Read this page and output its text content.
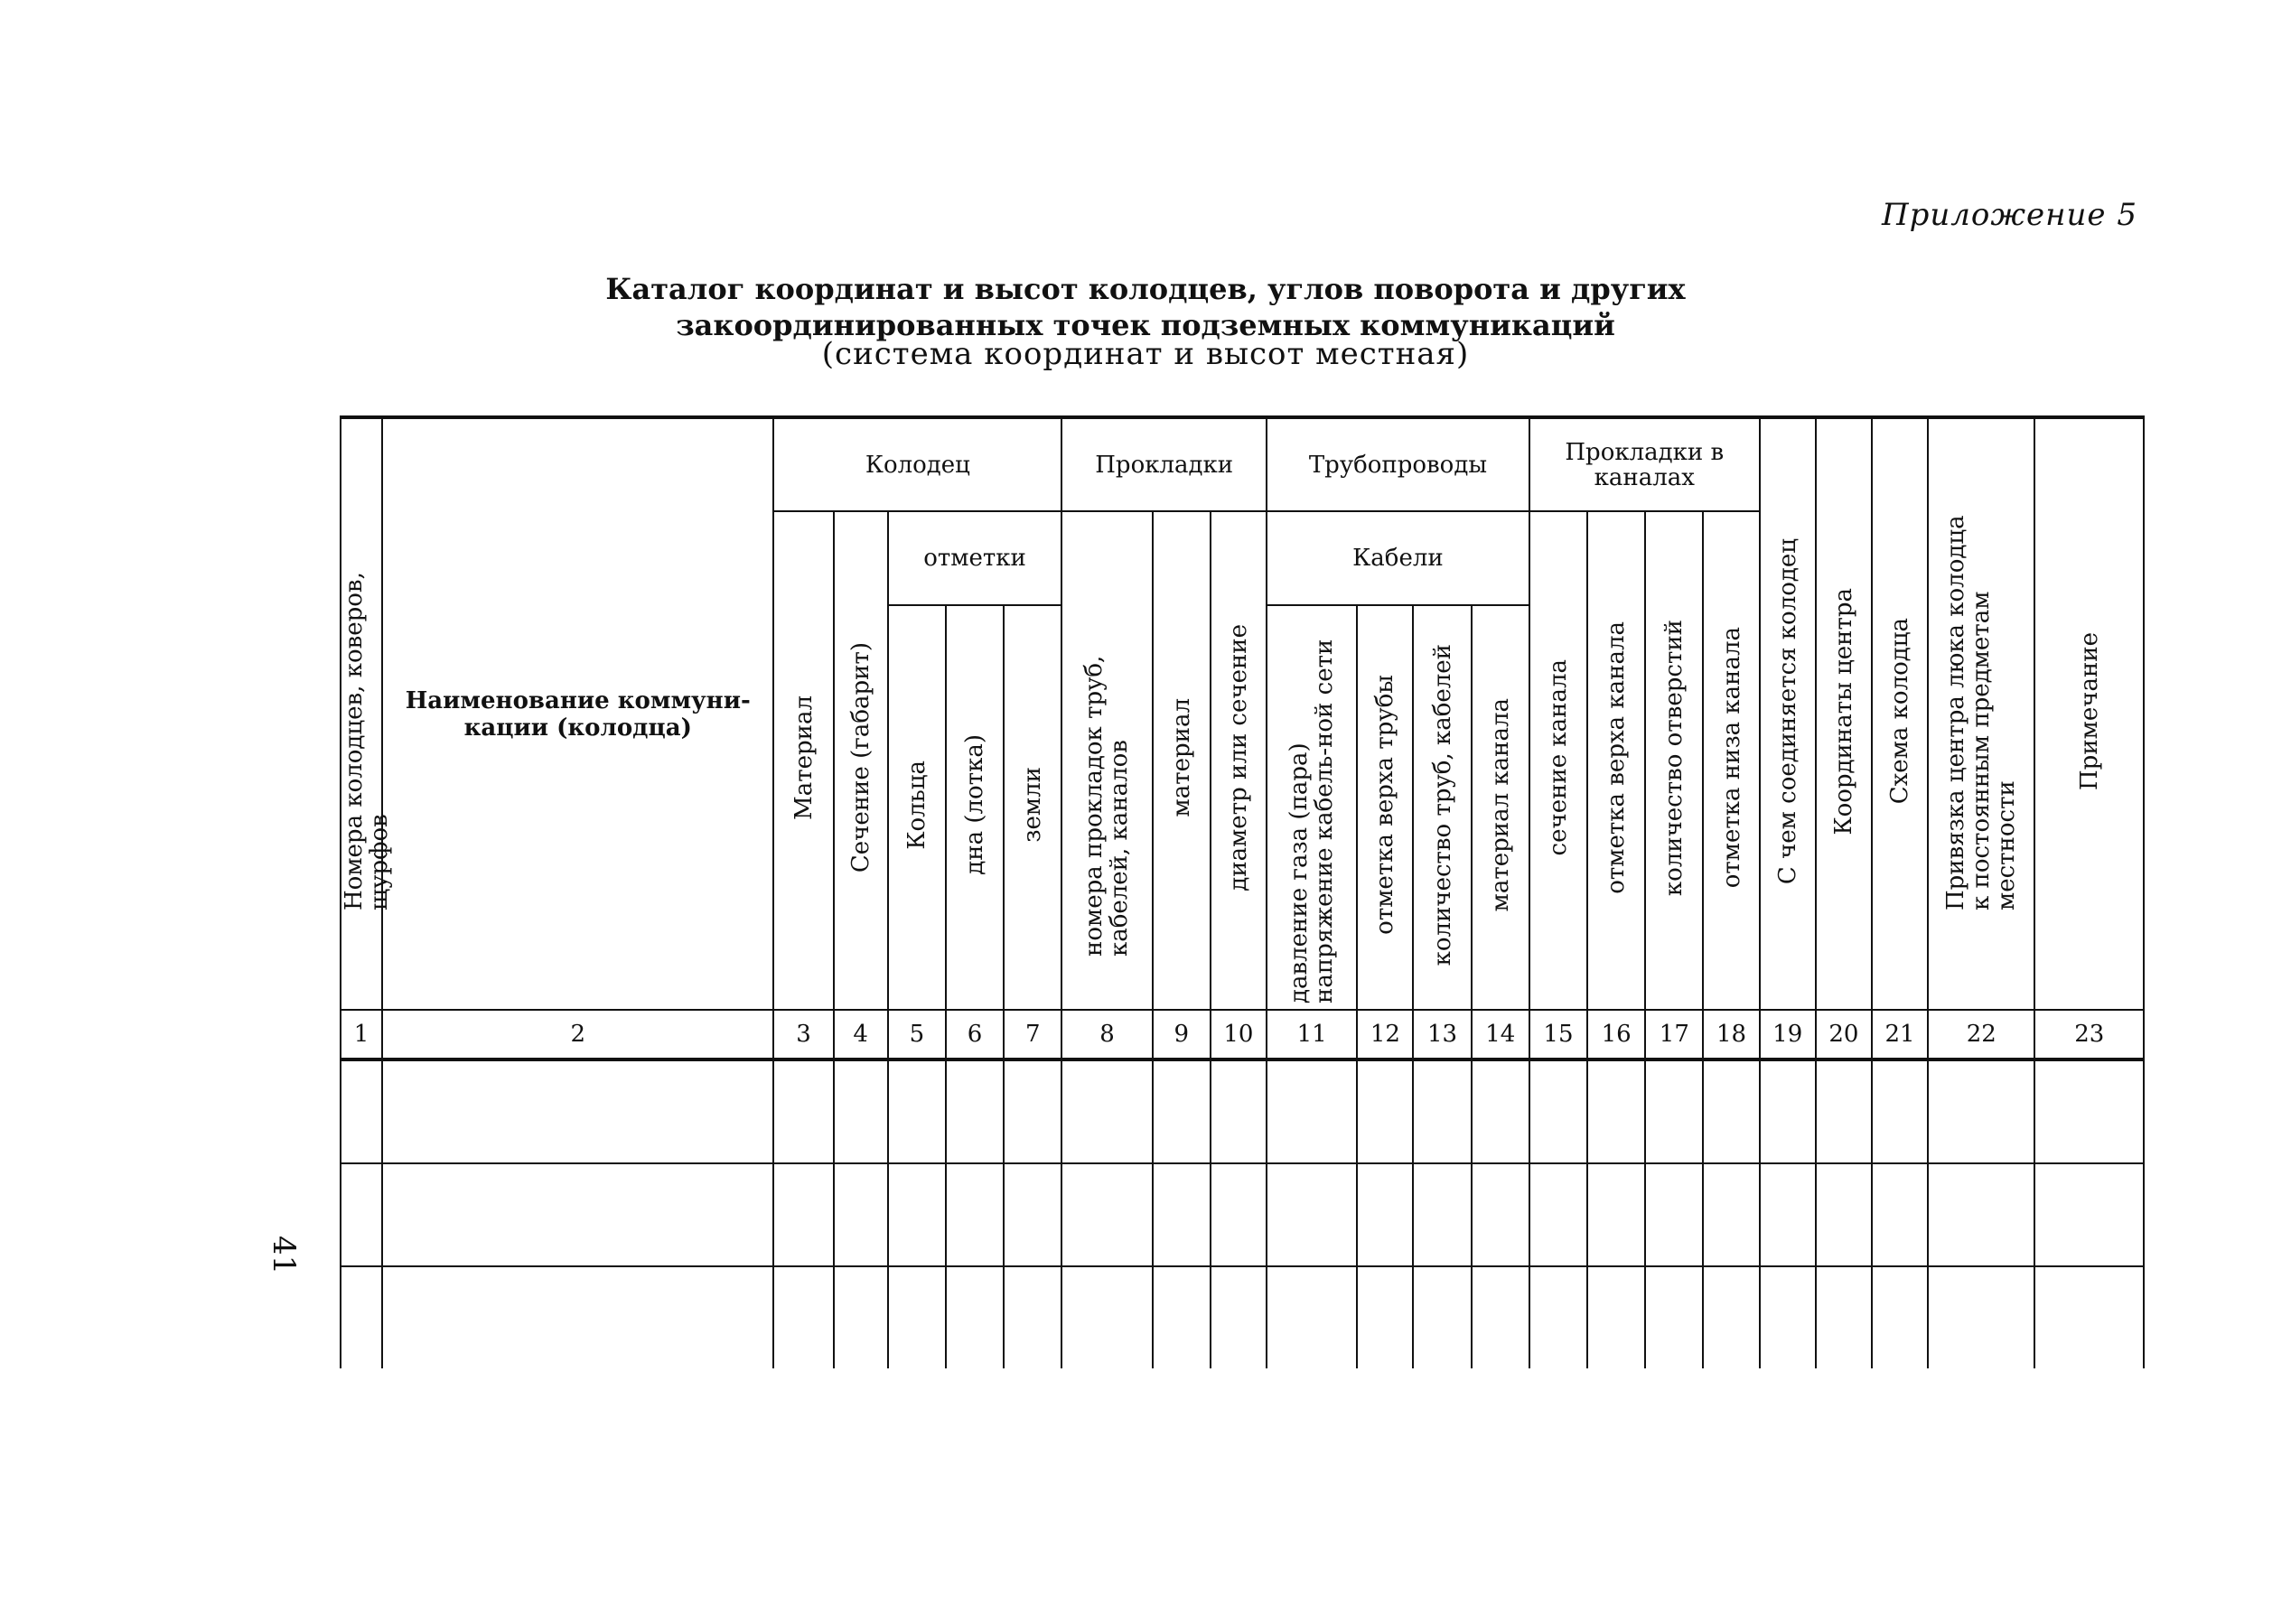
Приложение 5
Каталог координат и высот колодцев, углов поворота и других
закоординированных точек подземных коммуникаций
(система координат и высот местная)
41
Номера колодцев, коверов, щурфов	Наименование коммуни-кации (колодца)	Колодец					Прокладки			Трубопроводы				Прокладки в каналах				С чем соединяется колодец	Координаты центра	Схема колодца	Привязка центра люка колодца к постоянным предметам местности	Примечание
		Материал	Сечение (габарит)	отметки			номера прокладок труб, кабелей, каналов	материал	диаметр или сечение	Кабели				сечение канала	отметка верха канала	количество отверстий	отметка низа канала					
				Кольца	дна (лотка)	земли				давление газа (пара) напряжение кабель-ной сети	отметка верха трубы	количество труб, кабелей	материал канала									

1	2	3	4	5	6	7	8	9	10	11	12	13	14	15	16	17	18	19	20	21	22	23
